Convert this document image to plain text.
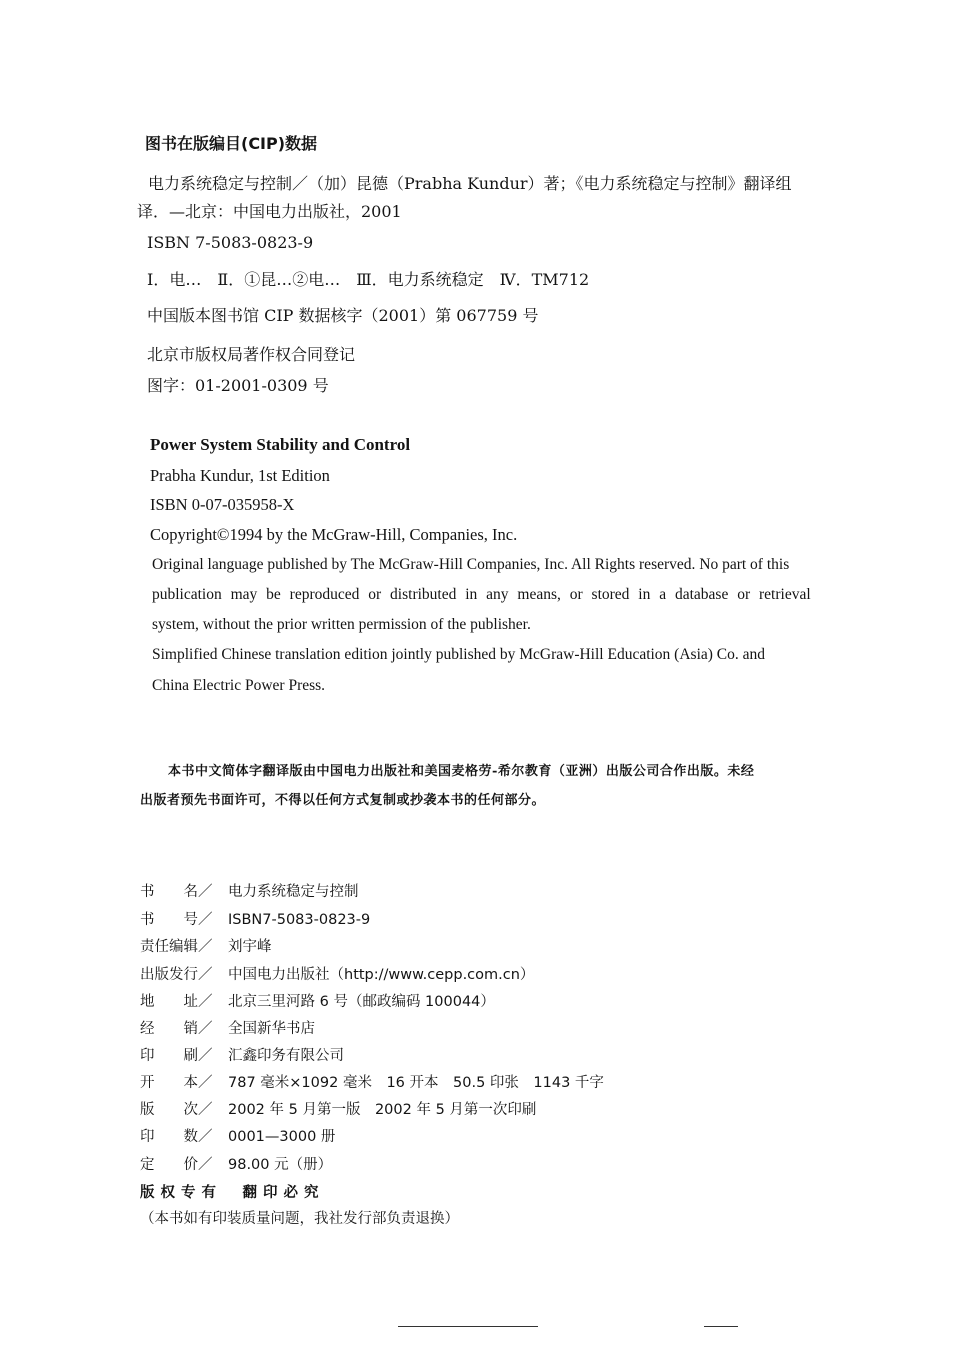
图书在版编目(CIP)数据
电力系统稳定与控制／（加）昆德（Prabha Kundur）著；《电力系统稳定与控制》翻译组
译．—北京：中国电力出版社，2001
ISBN 7-5083-0823-9
Ⅰ．电…　Ⅱ．①昆…②电…　Ⅲ．电力系统稳定　Ⅳ．TM712
中国版本图书馆 CIP 数据核字（2001）第 067759 号
北京市版权局著作权合同登记
图字：01-2001-0309 号
Power System Stability and Control
Prabha Kundur, 1st Edition
ISBN 0-07-035958-X
Copyright©1994 by the McGraw-Hill, Companies, Inc.
Original language published by The McGraw-Hill Companies, Inc. All Rights reserved. No part of this
publication may be reproduced or distributed in any means, or stored in a database or retrieval
system, without the prior written permission of the publisher.
Simplified Chinese translation edition jointly published by McGraw-Hill Education (Asia) Co. and
China Electric Power Press.
本书中文简体字翻译版由中国电力出版社和美国麦格劳-希尔教育（亚洲）出版公司合作出版。未经
出版者预先书面许可，不得以任何方式复制或抄袭本书的任何部分。
书　　名／ 电力系统稳定与控制
书　　号／ ISBN7-5083-0823-9
责任编辑／ 刘宇峰
出版发行／ 中国电力出版社（http://www.cepp.com.cn）
地　　址／ 北京三里河路 6 号（邮政编码 100044）
经　　销／ 全国新华书店
印　　刷／ 汇鑫印务有限公司
开　　本／ 787 毫米×1092 毫米　16 开本　50.5 印张　1143 千字
版　　次／ 2002 年 5 月第一版　2002 年 5 月第一次印刷
印　　数／ 0001—3000 册
定　　价／ 98.00 元（册）
版权专有　翻印必究
（本书如有印装质量问题，我社发行部负责退换）
